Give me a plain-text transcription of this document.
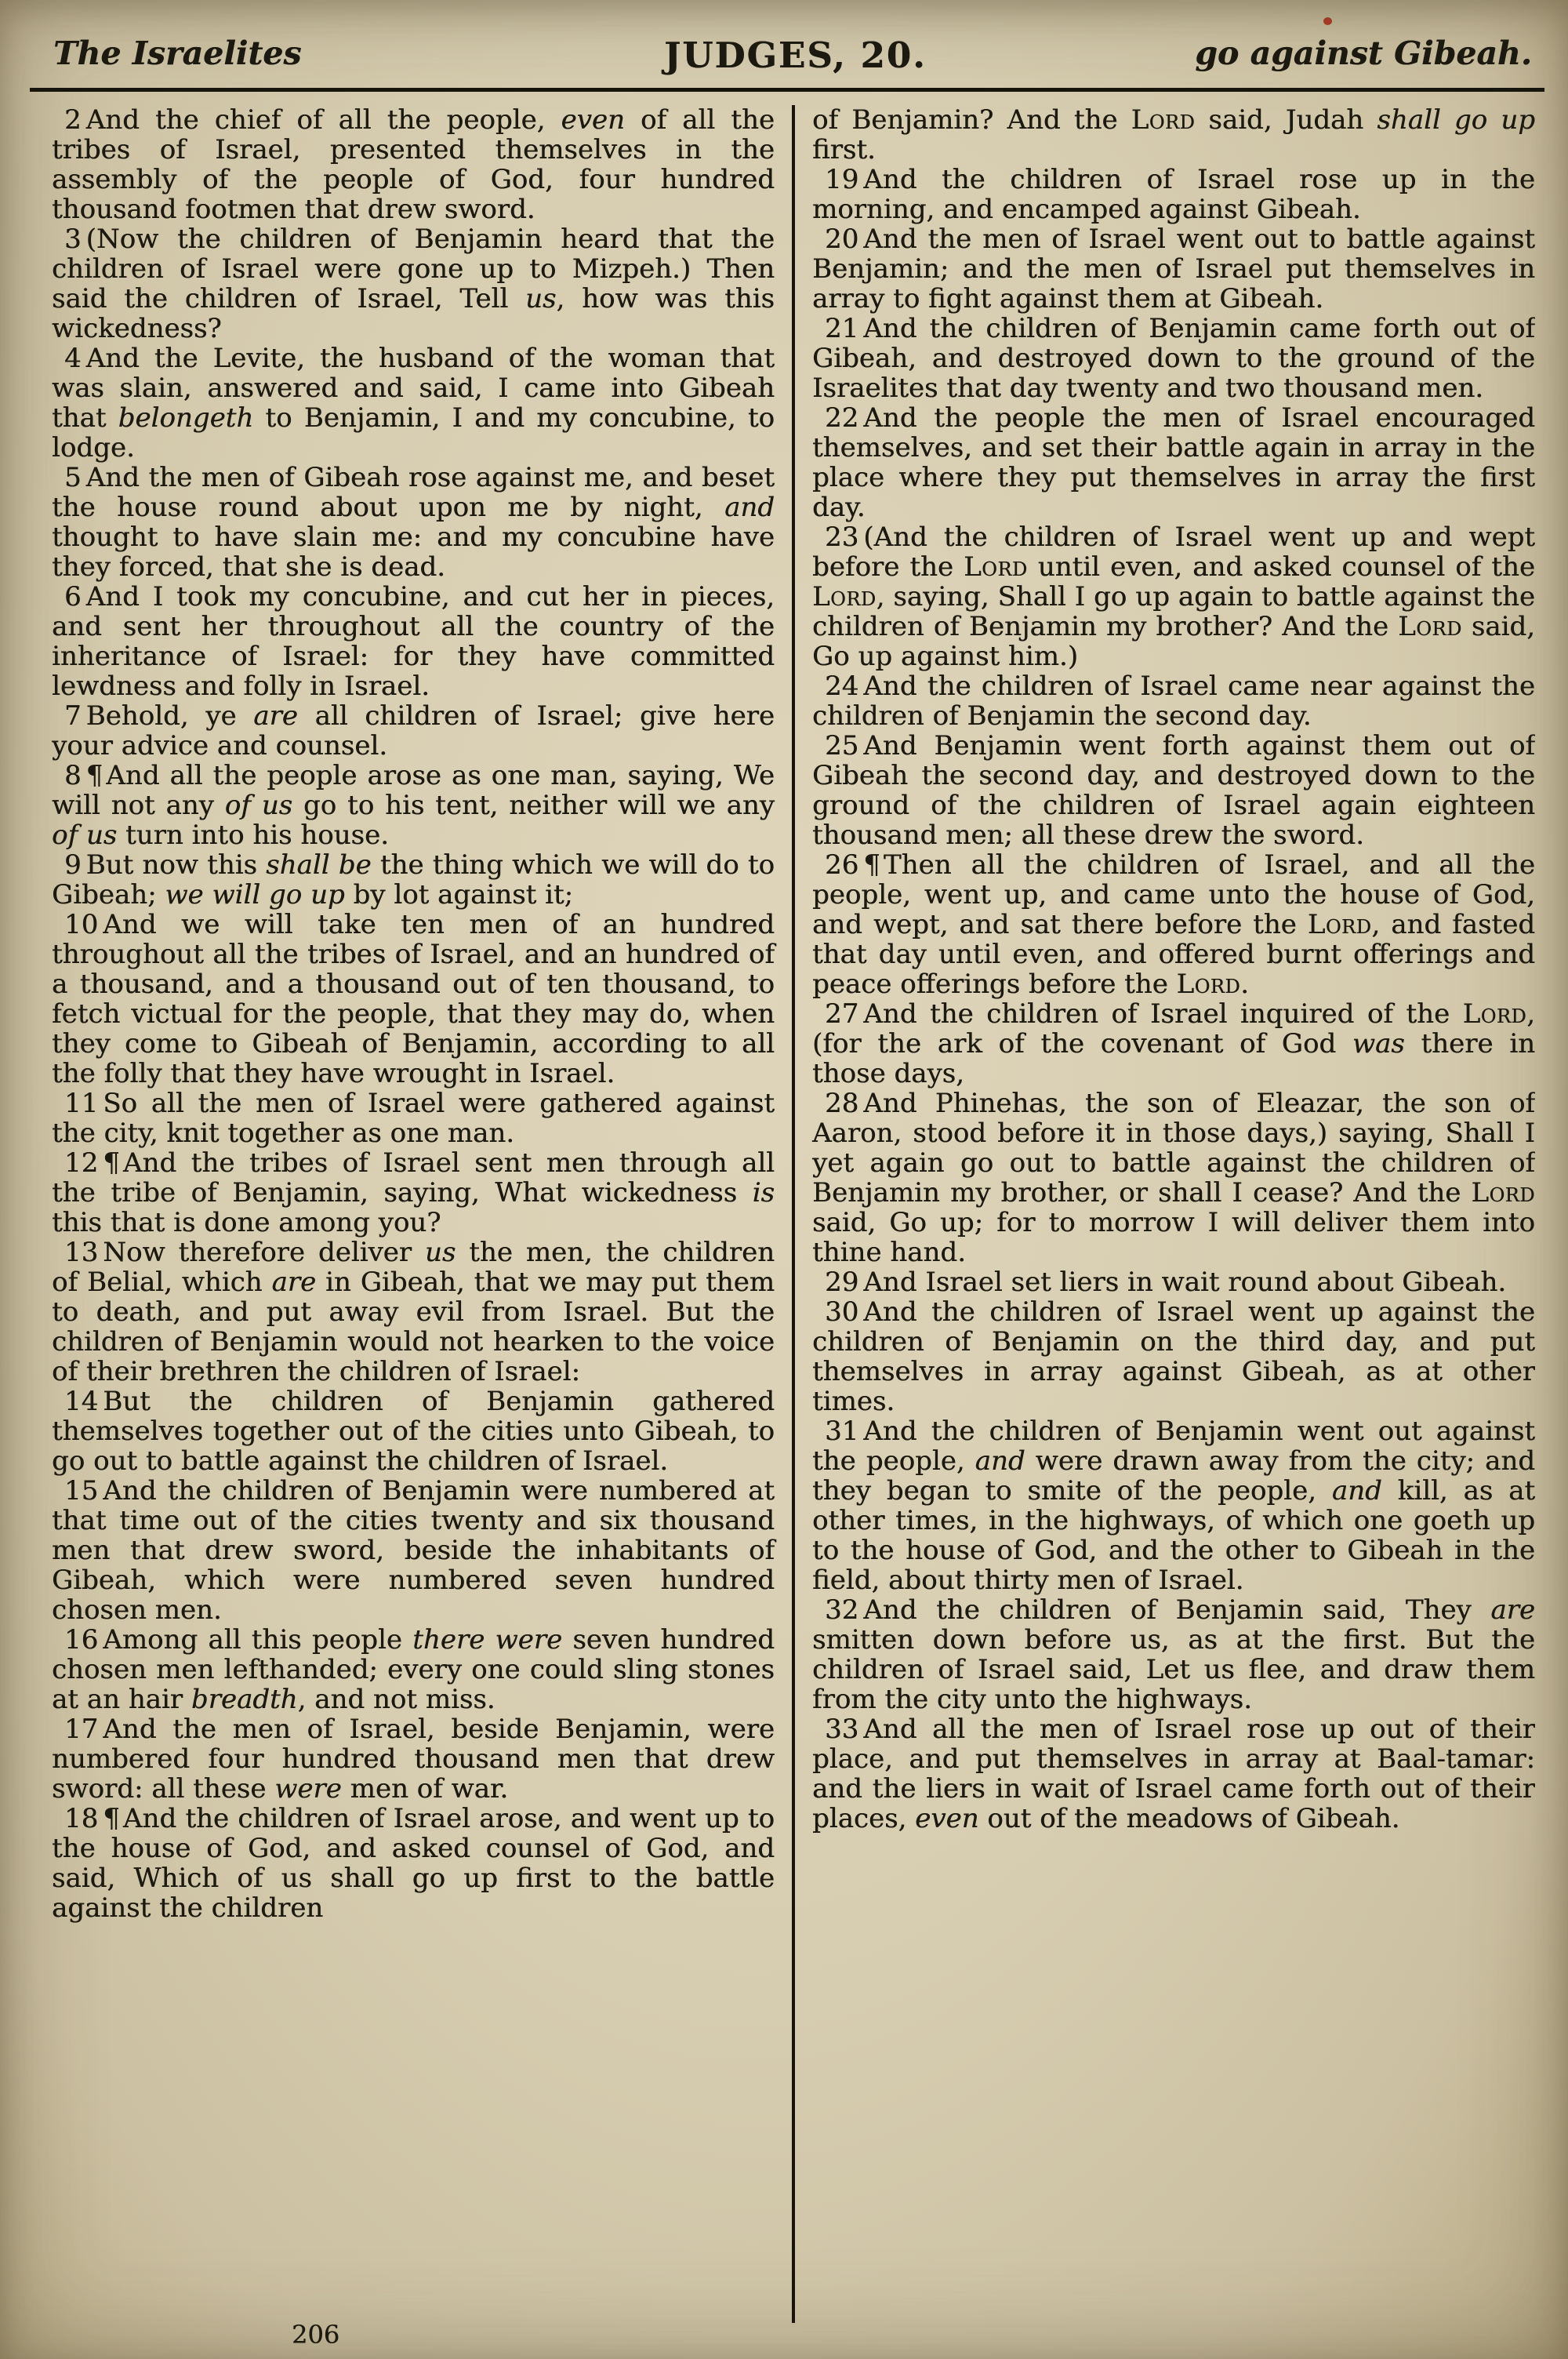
The Israelites	JUDGES, 20.	go against Gibeah.

2 And the chief of all the people, even of all the tribes of Israel, presented themselves in the assembly of the people of God, four hundred thousand footmen that drew sword.

3 (Now the children of Benjamin heard that the children of Israel were gone up to Mizpeh.) Then said the children of Israel, Tell us, how was this wickedness?

4 And the Levite, the husband of the woman that was slain, answered and said, I came into Gibeah that belongeth to Benjamin, I and my concubine, to lodge.

5 And the men of Gibeah rose against me, and beset the house round about upon me by night, and thought to have slain me: and my concubine have they forced, that she is dead.

6 And I took my concubine, and cut her in pieces, and sent her throughout all the country of the inheritance of Israel: for they have committed lewdness and folly in Israel.

7 Behold, ye are all children of Israel; give here your advice and counsel.

8 ¶ And all the people arose as one man, saying, We will not any of us go to his tent, neither will we any of us turn into his house.

9 But now this shall be the thing which we will do to Gibeah; we will go up by lot against it;

10 And we will take ten men of an hundred throughout all the tribes of Israel, and an hundred of a thousand, and a thousand out of ten thousand, to fetch victual for the people, that they may do, when they come to Gibeah of Benjamin, according to all the folly that they have wrought in Israel.

11 So all the men of Israel were gathered against the city, knit together as one man.

12 ¶ And the tribes of Israel sent men through all the tribe of Benjamin, saying, What wickedness is this that is done among you?

13 Now therefore deliver us the men, the children of Belial, which are in Gibeah, that we may put them to death, and put away evil from Israel. But the children of Benjamin would not hearken to the voice of their brethren the children of Israel:

14 But the children of Benjamin gathered themselves together out of the cities unto Gibeah, to go out to battle against the children of Israel.

15 And the children of Benjamin were numbered at that time out of the cities twenty and six thousand men that drew sword, beside the inhabitants of Gibeah, which were numbered seven hundred chosen men.

16 Among all this people there were seven hundred chosen men lefthanded; every one could sling stones at an hair breadth, and not miss.

17 And the men of Israel, beside Benjamin, were numbered four hundred thousand men that drew sword: all these were men of war.

18 ¶ And the children of Israel arose, and went up to the house of God, and asked counsel of God, and said, Which of us shall go up first to the battle against the children

of Benjamin? And the Lord said, Judah shall go up first.

19 And the children of Israel rose up in the morning, and encamped against Gibeah.

20 And the men of Israel went out to battle against Benjamin; and the men of Israel put themselves in array to fight against them at Gibeah.

21 And the children of Benjamin came forth out of Gibeah, and destroyed down to the ground of the Israelites that day twenty and two thousand men.

22 And the people the men of Israel encouraged themselves, and set their battle again in array in the place where they put themselves in array the first day.

23 (And the children of Israel went up and wept before the Lord until even, and asked counsel of the Lord, saying, Shall I go up again to battle against the children of Benjamin my brother? And the Lord said, Go up against him.)

24 And the children of Israel came near against the children of Benjamin the second day.

25 And Benjamin went forth against them out of Gibeah the second day, and destroyed down to the ground of the children of Israel again eighteen thousand men; all these drew the sword.

26 ¶ Then all the children of Israel, and all the people, went up, and came unto the house of God, and wept, and sat there before the Lord, and fasted that day until even, and offered burnt offerings and peace offerings before the Lord.

27 And the children of Israel inquired of the Lord, (for the ark of the covenant of God was there in those days,

28 And Phinehas, the son of Eleazar, the son of Aaron, stood before it in those days,) saying, Shall I yet again go out to battle against the children of Benjamin my brother, or shall I cease? And the Lord said, Go up; for to morrow I will deliver them into thine hand.

29 And Israel set liers in wait round about Gibeah.

30 And the children of Israel went up against the children of Benjamin on the third day, and put themselves in array against Gibeah, as at other times.

31 And the children of Benjamin went out against the people, and were drawn away from the city; and they began to smite of the people, and kill, as at other times, in the highways, of which one goeth up to the house of God, and the other to Gibeah in the field, about thirty men of Israel.

32 And the children of Benjamin said, They are smitten down before us, as at the first. But the children of Israel said, Let us flee, and draw them from the city unto the highways.

33 And all the men of Israel rose up out of their place, and put themselves in array at Baal-tamar: and the liers in wait of Israel came forth out of their places, even out of the meadows of Gibeah.

206
